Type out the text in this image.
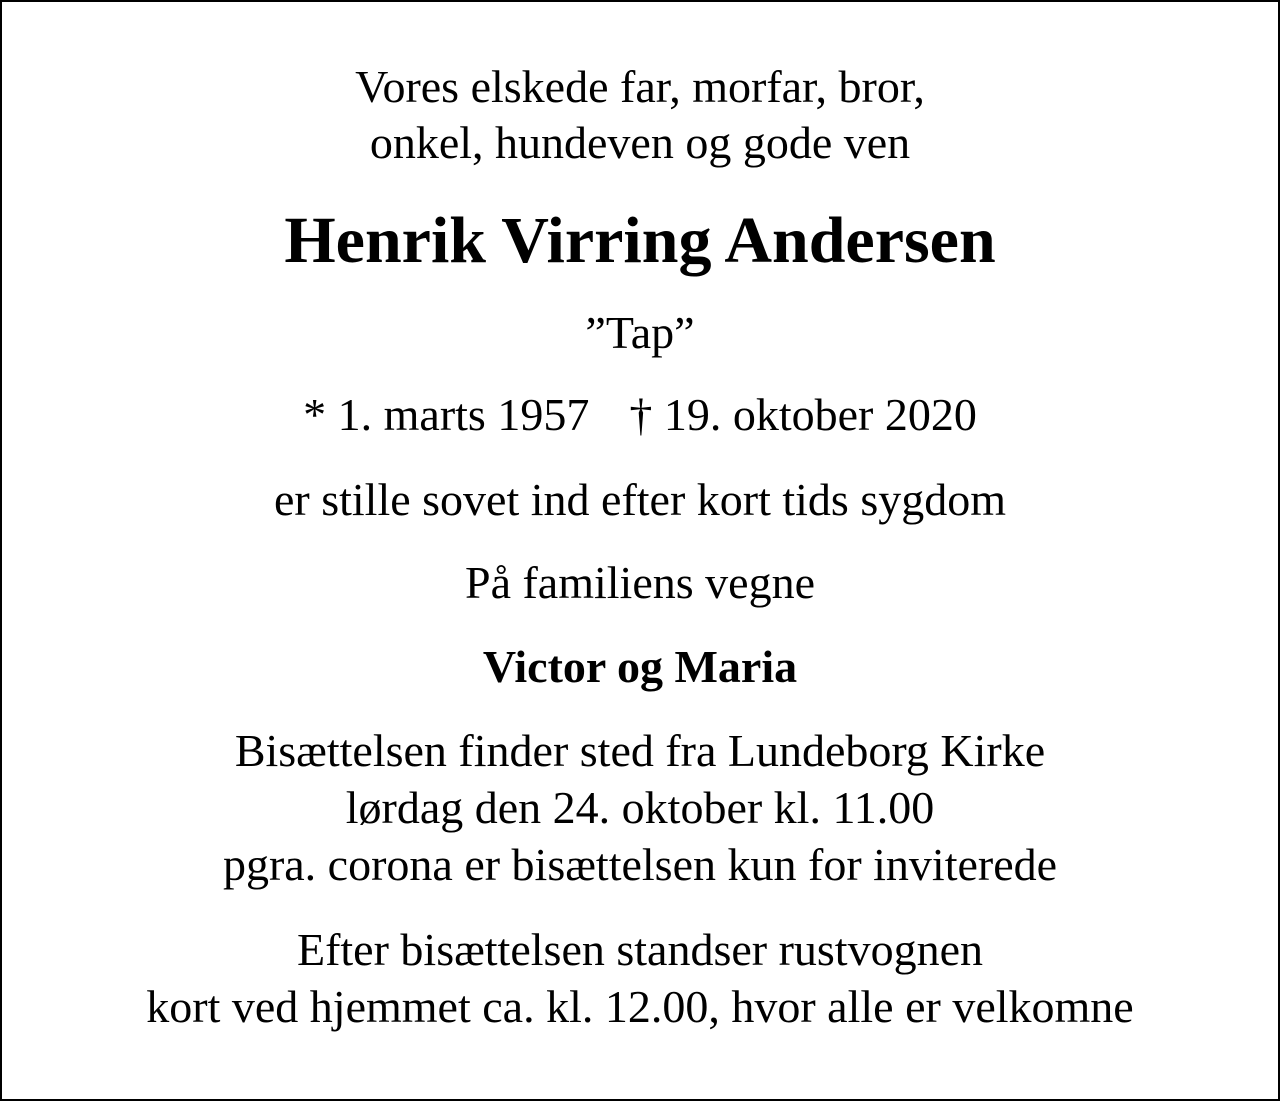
Vores elskede far, morfar, bror,
onkel, hundeven og gode ven
Henrik Virring Andersen
”Tap”
* 1. marts 1957 † 19. oktober 2020
er stille sovet ind efter kort tids sygdom
På familiens vegne
Victor og Maria
Bisættelsen finder sted fra Lundeborg Kirke
lørdag den 24. oktober kl. 11.00
pgra. corona er bisættelsen kun for inviterede
Efter bisættelsen standser rustvognen
kort ved hjemmet ca. kl. 12.00, hvor alle er velkomne
